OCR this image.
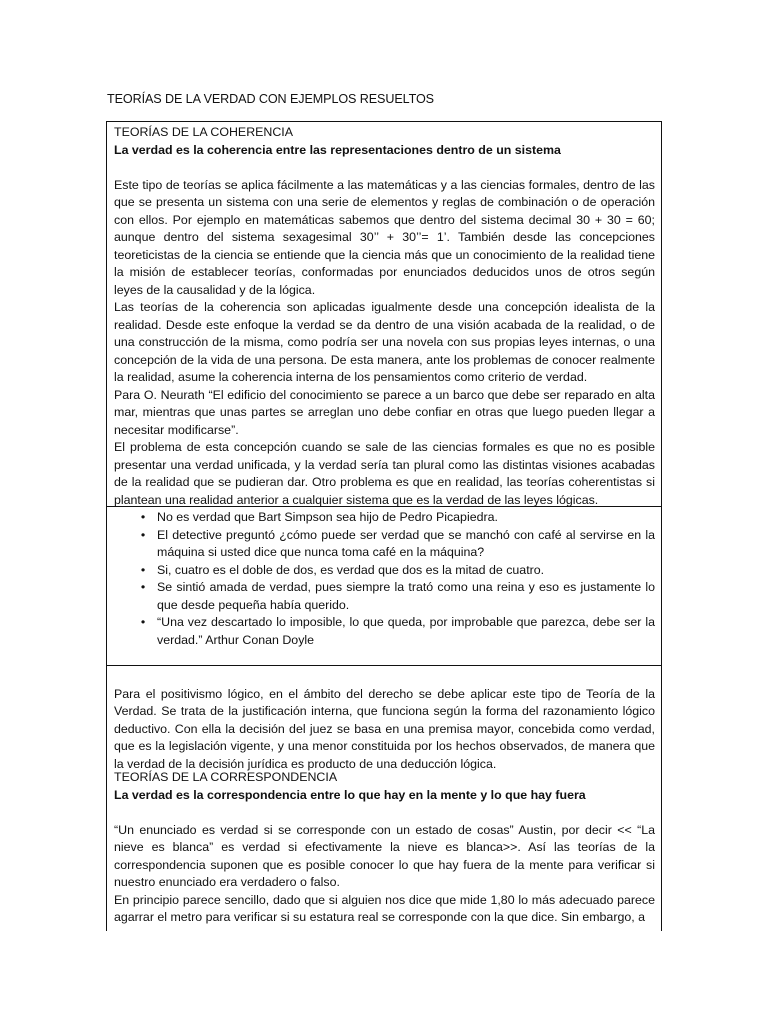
TEORÍAS DE LA VERDAD CON EJEMPLOS RESUELTOS

TEORÍAS DE LA COHERENCIA

La verdad es la coherencia entre las representaciones dentro de un sistema

Este tipo de teorías se aplica fácilmente a las matemáticas y a las ciencias formales, dentro de las que se presenta un sistema con una serie de elementos y reglas de combinación o de operación con ellos. Por ejemplo en matemáticas sabemos que dentro del sistema decimal 30 + 30 = 60; aunque dentro del sistema sexagesimal 30’’ + 30’’= 1’. También desde las concepciones teoreticistas de la ciencia se entiende que la ciencia más que un conocimiento de la realidad tiene la misión de establecer teorías, conformadas por enunciados deducidos unos de otros según leyes de la causalidad y de la lógica.

Las teorías de la coherencia son aplicadas igualmente desde una concepción idealista de la realidad. Desde este enfoque la verdad se da dentro de una visión acabada de la realidad, o de una construcción de la misma, como podría ser una novela con sus propias leyes internas, o una concepción de la vida de una persona. De esta manera, ante los problemas de conocer realmente la realidad, asume la coherencia interna de los pensamientos como criterio de verdad.

Para O. Neurath “El edificio del conocimiento se parece a un barco que debe ser reparado en alta mar, mientras que unas partes se arreglan uno debe confiar en otras que luego pueden llegar a necesitar modificarse”.

El problema de esta concepción cuando se sale de las ciencias formales es que no es posible presentar una verdad unificada, y la verdad sería tan plural como las distintas visiones acabadas de la realidad que se pudieran dar. Otro problema es que en realidad, las teorías coherentistas si plantean una realidad anterior a cualquier sistema que es la verdad de las leyes lógicas.

• No es verdad que Bart Simpson sea hijo de Pedro Picapiedra.
• El detective preguntó ¿cómo puede ser verdad que se manchó con café al servirse en la máquina si usted dice que nunca toma café en la máquina?
• Si, cuatro es el doble de dos, es verdad que dos es la mitad de cuatro.
• Se sintió amada de verdad, pues siempre la trató como una reina y eso es justamente lo que desde pequeña había querido.
• “Una vez descartado lo imposible, lo que queda, por improbable que parezca, debe ser la verdad.” Arthur Conan Doyle

Para el positivismo lógico, en el ámbito del derecho se debe aplicar este tipo de Teoría de la Verdad. Se trata de la justificación interna, que funciona según la forma del razonamiento lógico deductivo. Con ella la decisión del juez se basa en una premisa mayor, concebida como verdad, que es la legislación vigente, y una menor constituida por los hechos observados, de manera que la verdad de la decisión jurídica es producto de una deducción lógica.

TEORÍAS DE LA CORRESPONDENCIA

La verdad es la correspondencia entre lo que hay en la mente y lo que hay fuera

“Un enunciado es verdad si se corresponde con un estado de cosas” Austin, por decir << “La nieve es blanca” es verdad si efectivamente la nieve es blanca>>. Así las teorías de la correspondencia suponen que es posible conocer lo que hay fuera de la mente para verificar si nuestro enunciado era verdadero o falso.

En principio parece sencillo, dado que si alguien nos dice que mide 1,80 lo más adecuado parece agarrar el metro para verificar si su estatura real se corresponde con la que dice. Sin embargo, a
